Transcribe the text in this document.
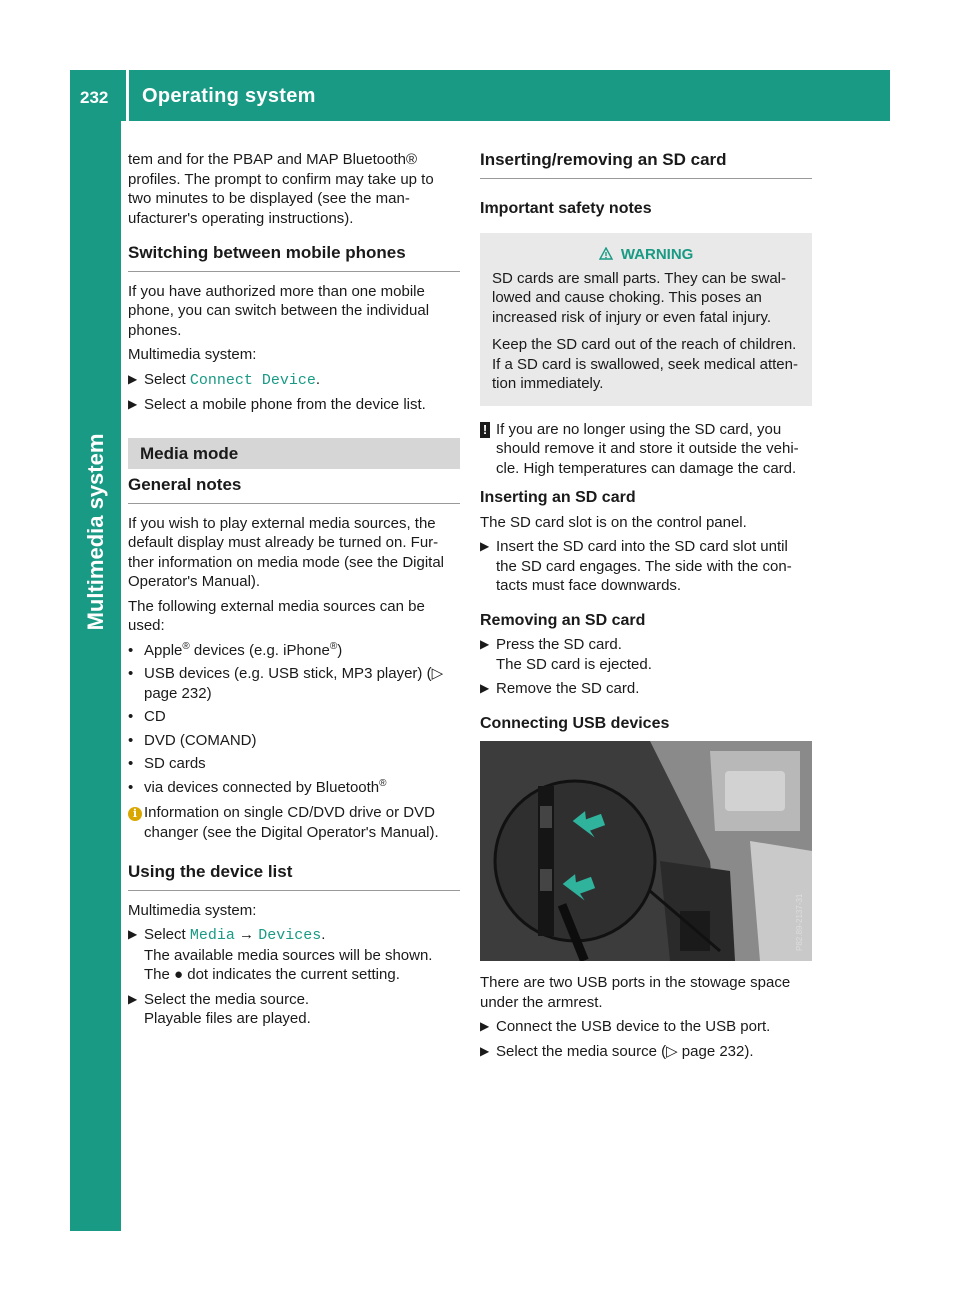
232 Operating system
Multimedia system

tem and for the PBAP and MAP Bluetooth® profiles. The prompt to confirm may take up to two minutes to be displayed (see the man-ufacturer's operating instructions).

Switching between mobile phones

If you have authorized more than one mobile phone, you can switch between the individual phones.

Multimedia system:

▶ Select Connect Device.
▶ Select a mobile phone from the device list.
Media mode
General notes

If you wish to play external media sources, the default display must already be turned on. Fur-ther information on media mode (see the Digital Operator's Manual).

The following external media sources can be used:

• Apple® devices (e.g. iPhone®)
• USB devices (e.g. USB stick, MP3 player) (▷ page 232)
• CD
• DVD (COMAND)
• SD cards
• via devices connected by Bluetooth®
i Information on single CD/DVD drive or DVD changer (see the Digital Operator's Manual).
Using the device list

Multimedia system:

▶ Select Media → Devices.
The available media sources will be shown.
The ● dot indicates the current setting.
▶ Select the media source.
Playable files are played.
Inserting/removing an SD card
Important safety notes
WARNING

SD cards are small parts. They can be swal-lowed and cause choking. This poses an increased risk of injury or even fatal injury.

Keep the SD card out of the reach of children. If a SD card is swallowed, seek medical atten-tion immediately.

! If you are no longer using the SD card, you should remove it and store it outside the vehi-cle. High temperatures can damage the card.
Inserting an SD card

The SD card slot is on the control panel.

▶ Insert the SD card into the SD card slot until the SD card engages. The side with the con-tacts must face downwards.
Removing an SD card
▶ Press the SD card.
The SD card is ejected.
▶ Remove the SD card.
Connecting USB devices
P82.89-2137-31

There are two USB ports in the stowage space under the armrest.

▶ Connect the USB device to the USB port.
▶ Select the media source (▷ page 232).
